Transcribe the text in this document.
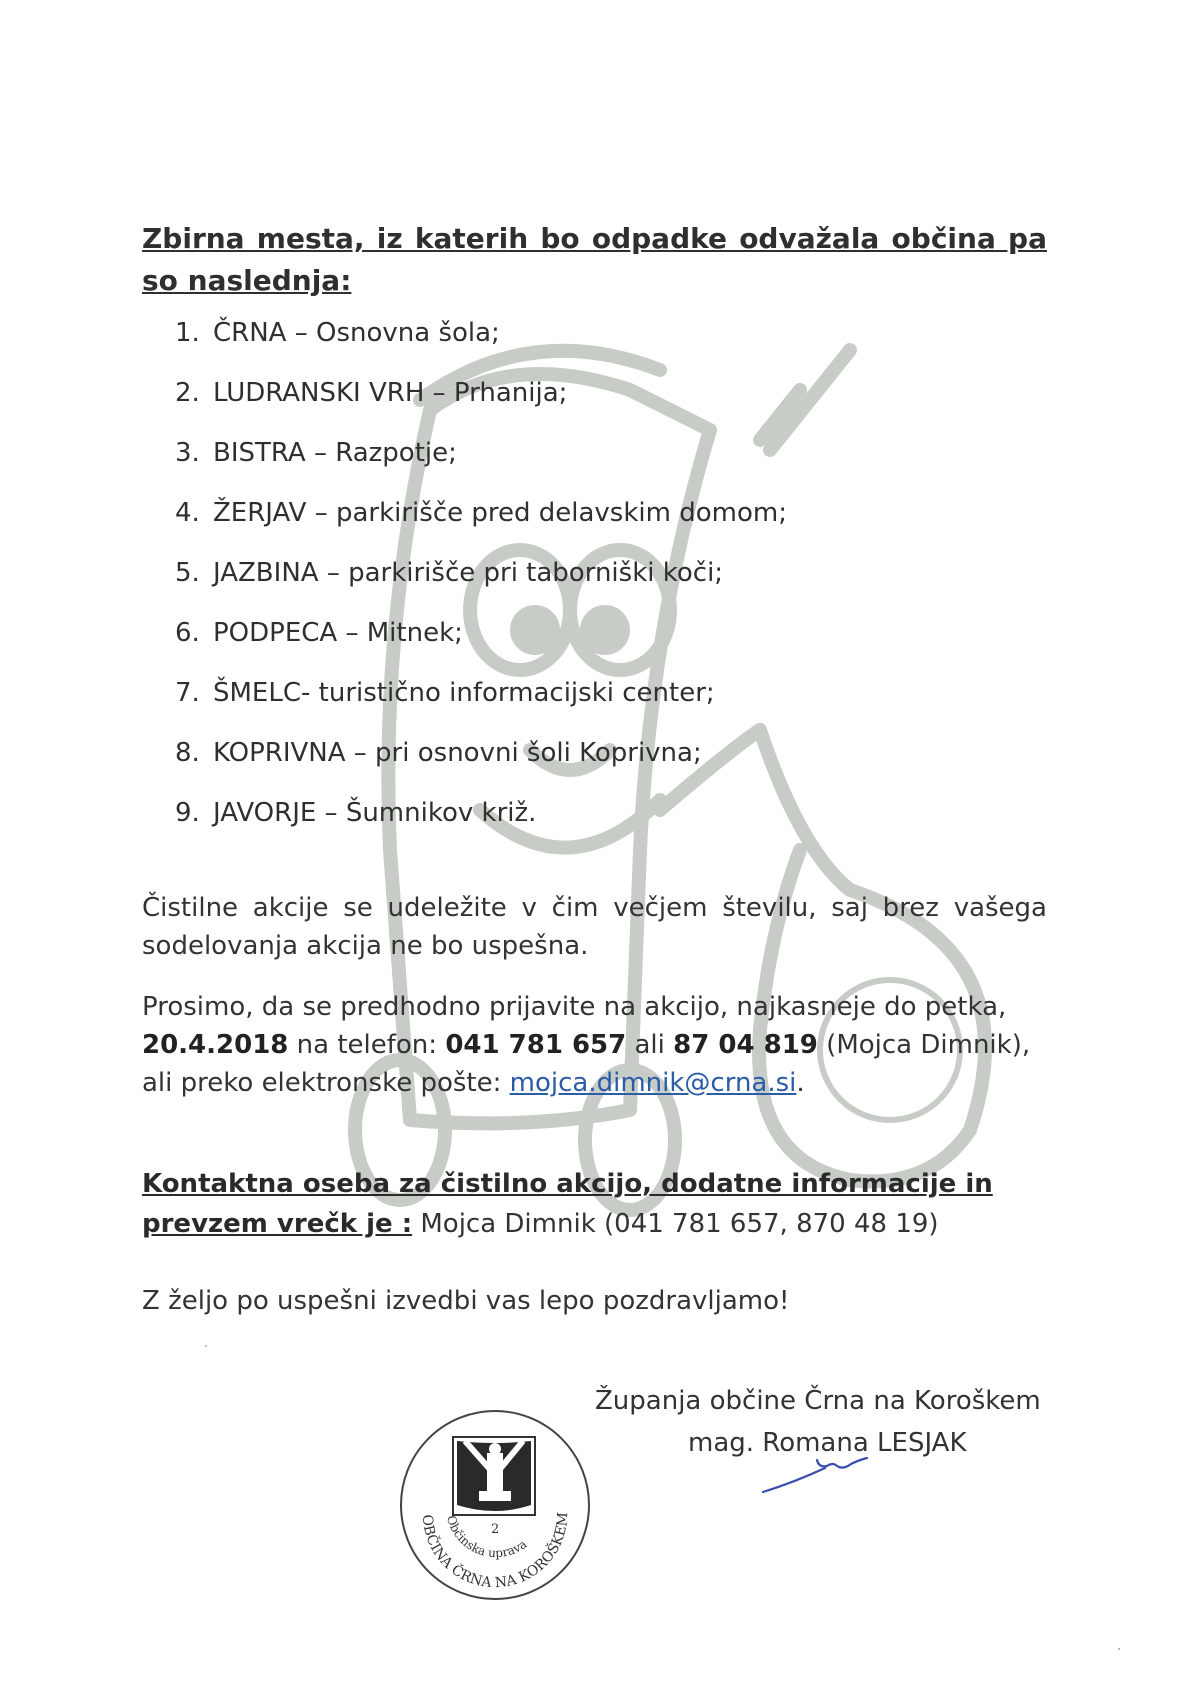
Zbirna mesta, iz katerih bo odpadke odvažala občina pa so naslednja:

1. ČRNA – Osnovna šola;
2. LUDRANSKI VRH – Prhanija;
3. BISTRA – Razpotje;
4. ŽERJAV – parkirišče pred delavskim domom;
5. JAZBINA – parkirišče pri taborniški koči;
6. PODPECA – Mitnek;
7. ŠMELC- turistično informacijski center;
8. KOPRIVNA – pri osnovni šoli Koprivna;
9. JAVORJE – Šumnikov križ.

Čistilne akcije se udeležite v čim večjem številu, saj brez vašega sodelovanja akcija ne bo uspešna.

Prosimo, da se predhodno prijavite na akcijo, najkasneje do petka, 20.4.2018 na telefon: 041 781 657 ali 87 04 819 (Mojca Dimnik), ali preko elektronske pošte: mojca.dimnik@crna.si.

Kontaktna oseba za čistilno akcijo, dodatne informacije in prevzem vrečk je : Mojca Dimnik (041 781 657, 870 48 19)

Z željo po uspešni izvedbi vas lepo pozdravljamo!

Županja občine Črna na Koroškem

mag. Romana LESJAK

2
Občinska uprava
OBČINA ČRNA NA KOROŠKEM
